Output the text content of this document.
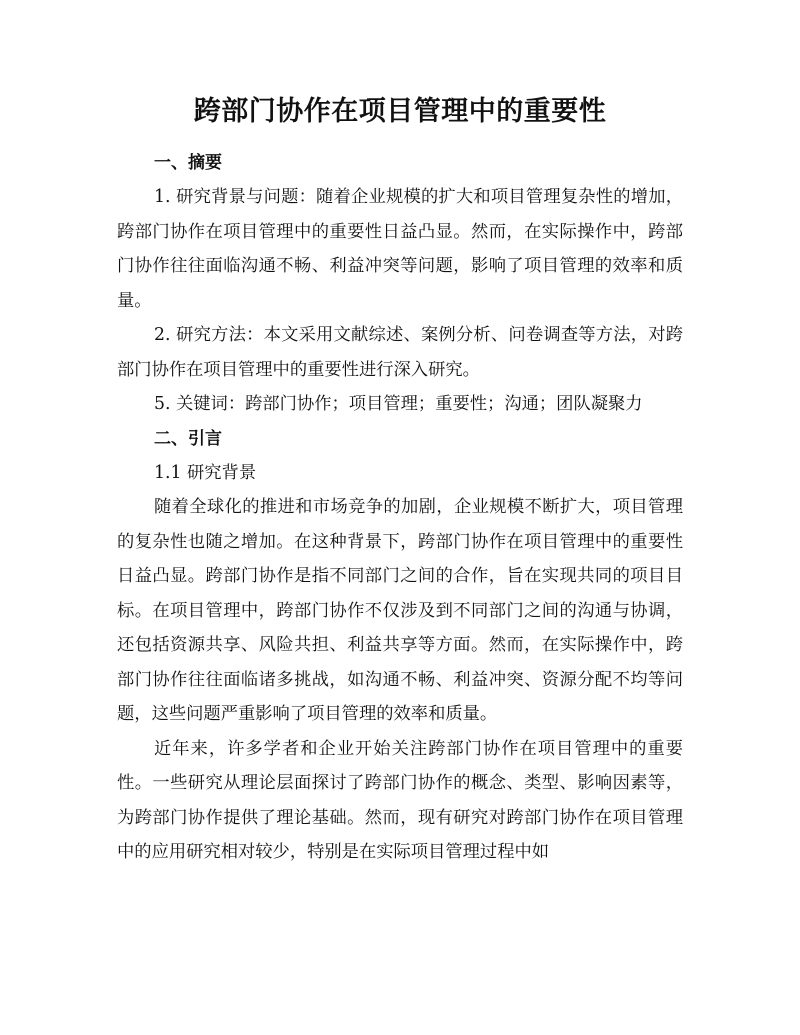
跨部门协作在项目管理中的重要性
一、摘要

1. 研究背景与问题：随着企业规模的扩大和项目管理复杂性的增加，跨部门协作在项目管理中的重要性日益凸显。然而，在实际操作中，跨部门协作往往面临沟通不畅、利益冲突等问题，影响了项目管理的效率和质量。

2. 研究方法：本文采用文献综述、案例分析、问卷调查等方法，对跨部门协作在项目管理中的重要性进行深入研究。

5. 关键词：跨部门协作；项目管理；重要性；沟通；团队凝聚力

二、引言

1.1 研究背景

随着全球化的推进和市场竞争的加剧，企业规模不断扩大，项目管理的复杂性也随之增加。在这种背景下，跨部门协作在项目管理中的重要性日益凸显。跨部门协作是指不同部门之间的合作，旨在实现共同的项目目标。在项目管理中，跨部门协作不仅涉及到不同部门之间的沟通与协调，还包括资源共享、风险共担、利益共享等方面。然而，在实际操作中，跨部门协作往往面临诸多挑战，如沟通不畅、利益冲突、资源分配不均等问题，这些问题严重影响了项目管理的效率和质量。

近年来，许多学者和企业开始关注跨部门协作在项目管理中的重要性。一些研究从理论层面探讨了跨部门协作的概念、类型、影响因素等，为跨部门协作提供了理论基础。然而，现有研究对跨部门协作在项目管理中的应用研究相对较少，特别是在实际项目管理过程中如
